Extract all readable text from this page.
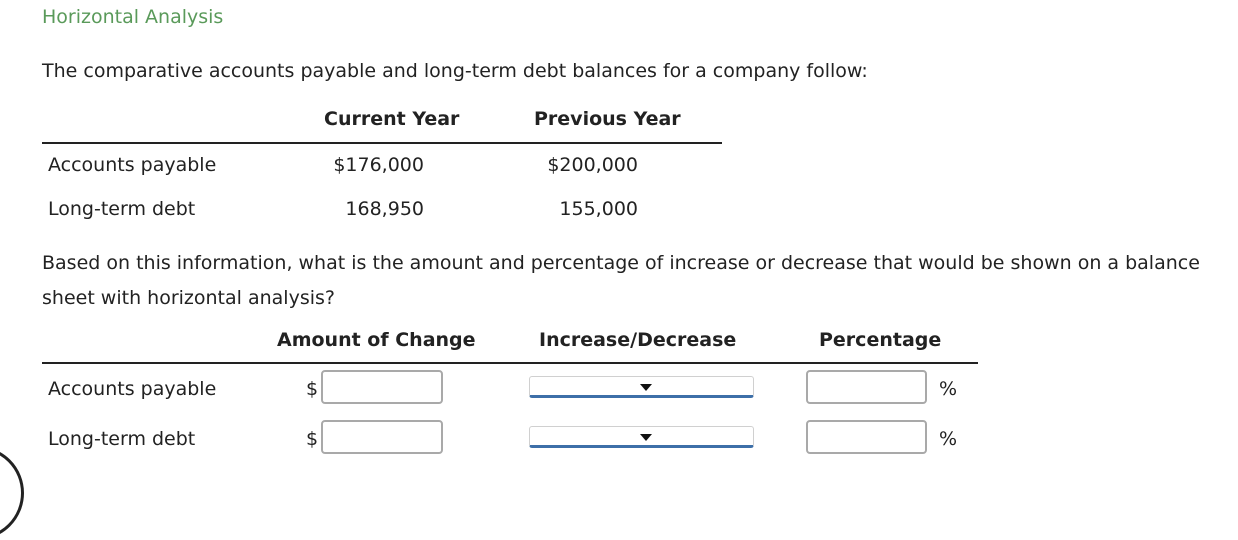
Horizontal Analysis
The comparative accounts payable and long-term debt balances for a company follow:
Current Year	Previous Year
Accounts payable	$176,000	$200,000
Long-term debt	168,950	155,000
Based on this information, what is the amount and percentage of increase or decrease that would be shown on a balance sheet with horizontal analysis?
Amount of Change	Increase/Decrease	Percentage
Accounts payable	$	%
Long-term debt	$	%
